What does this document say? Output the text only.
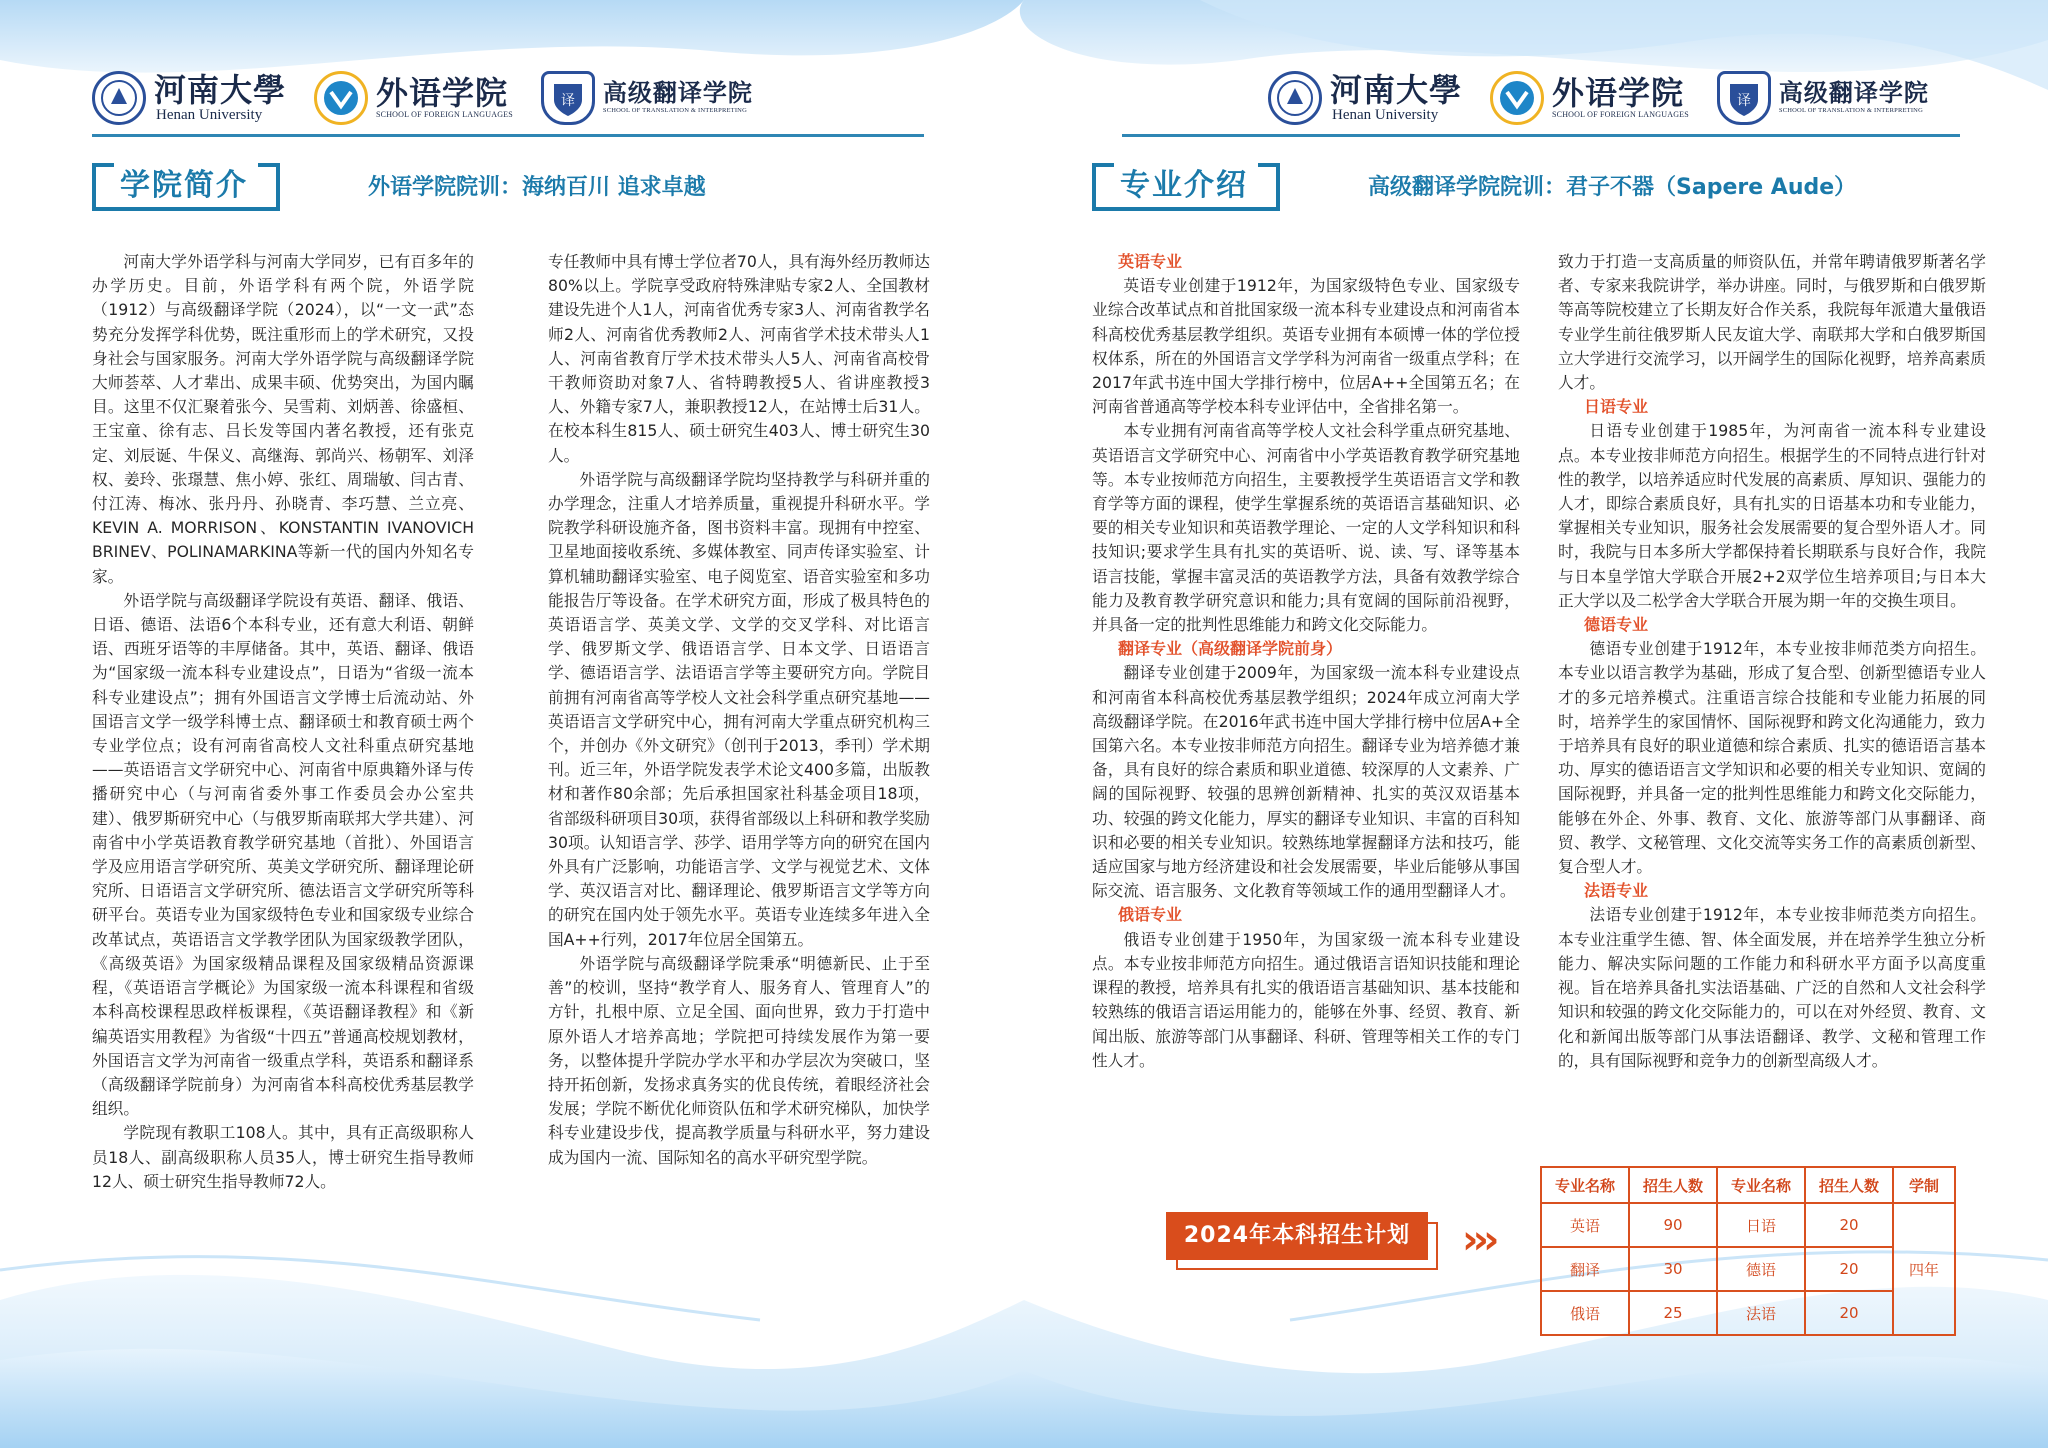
河南大學
Henan University
外语学院
SCHOOL OF FOREIGN LANGUAGES
译 高级翻译学院
SCHOOL OF TRANSLATION & INTERPRETING
河南大學
Henan University
外语学院
SCHOOL OF FOREIGN LANGUAGES
译 高级翻译学院
SCHOOL OF TRANSLATION & INTERPRETING
学院简介	外语学院院训：海纳百川 追求卓越	专业介绍	高级翻译学院院训：君子不器（Sapere Aude）

河南大学外语学科与河南大学同岁，已有百多年的办学历史。目前，外语学科有两个院，外语学院（1912）与高级翻译学院（2024），以“一文一武”态势充分发挥学科优势，既注重形而上的学术研究，又投身社会与国家服务。河南大学外语学院与高级翻译学院大师荟萃、人才辈出、成果丰硕、优势突出，为国内瞩目。这里不仅汇聚着张今、吴雪莉、刘炳善、徐盛桓、王宝童、徐有志、吕长发等国内著名教授，还有张克定、刘辰诞、牛保义、高继海、郭尚兴、杨朝军、刘泽权、姜玲、张璟慧、焦小婷、张红、周瑞敏、闫古青、付江涛、梅冰、张丹丹、孙晓青、李巧慧、兰立亮、KEVIN A. MORRISON、KONSTANTIN IVANOVICH BRINEV、POLINAMARKINA等新一代的国内外知名专家。

外语学院与高级翻译学院设有英语、翻译、俄语、日语、德语、法语6个本科专业，还有意大利语、朝鲜语、西班牙语等的丰厚储备。其中，英语、翻译、俄语为“国家级一流本科专业建设点”，日语为“省级一流本科专业建设点”；拥有外国语言文学博士后流动站、外国语言文学一级学科博士点、翻译硕士和教育硕士两个专业学位点；设有河南省高校人文社科重点研究基地——英语语言文学研究中心、河南省中原典籍外译与传播研究中心（与河南省委外事工作委员会办公室共建）、俄罗斯研究中心（与俄罗斯南联邦大学共建）、河南省中小学英语教育教学研究基地（首批）、外国语言学及应用语言学研究所、英美文学研究所、翻译理论研究所、日语语言文学研究所、德法语言文学研究所等科研平台。英语专业为国家级特色专业和国家级专业综合改革试点，英语语言文学教学团队为国家级教学团队，《高级英语》为国家级精品课程及国家级精品资源课程，《英语语言学概论》为国家级一流本科课程和省级本科高校课程思政样板课程，《英语翻译教程》和《新编英语实用教程》为省级“十四五”普通高校规划教材，外国语言文学为河南省一级重点学科，英语系和翻译系（高级翻译学院前身）为河南省本科高校优秀基层教学组织。

学院现有教职工108人。其中，具有正高级职称人员18人、副高级职称人员35人，博士研究生指导教师12人、硕士研究生指导教师72人。

专任教师中具有博士学位者70人，具有海外经历教师达80%以上。学院享受政府特殊津贴专家2人、全国教材建设先进个人1人，河南省优秀专家3人、河南省教学名师2人、河南省优秀教师2人、河南省学术技术带头人1人、河南省教育厅学术技术带头人5人、河南省高校骨干教师资助对象7人、省特聘教授5人、省讲座教授3人、外籍专家7人，兼职教授12人，在站博士后31人。在校本科生815人、硕士研究生403人、博士研究生30人。

外语学院与高级翻译学院均坚持教学与科研并重的办学理念，注重人才培养质量，重视提升科研水平。学院教学科研设施齐备，图书资料丰富。现拥有中控室、卫星地面接收系统、多媒体教室、同声传译实验室、计算机辅助翻译实验室、电子阅览室、语音实验室和多功能报告厅等设备。在学术研究方面，形成了极具特色的英语语言学、英美文学、文学的交叉学科、对比语言学、俄罗斯文学、俄语语言学、日本文学、日语语言学、德语语言学、法语语言学等主要研究方向。学院目前拥有河南省高等学校人文社会科学重点研究基地——英语语言文学研究中心，拥有河南大学重点研究机构三个，并创办《外文研究》（创刊于2013，季刊）学术期刊。近三年，外语学院发表学术论文400多篇，出版教材和著作80余部；先后承担国家社科基金项目18项，省部级科研项目30项，获得省部级以上科研和教学奖励30项。认知语言学、莎学、语用学等方向的研究在国内外具有广泛影响，功能语言学、文学与视觉艺术、文体学、英汉语言对比、翻译理论、俄罗斯语言文学等方向的研究在国内处于领先水平。英语专业连续多年进入全国A++行列，2017年位居全国第五。

外语学院与高级翻译学院秉承“明德新民、止于至善”的校训，坚持“教学育人、服务育人、管理育人”的方针，扎根中原、立足全国、面向世界，致力于打造中原外语人才培养高地；学院把可持续发展作为第一要务，以整体提升学院办学水平和办学层次为突破口，坚持开拓创新，发扬求真务实的优良传统，着眼经济社会发展；学院不断优化师资队伍和学术研究梯队，加快学科专业建设步伐，提高教学质量与科研水平，努力建设成为国内一流、国际知名的高水平研究型学院。

英语专业

英语专业创建于1912年，为国家级特色专业、国家级专业综合改革试点和首批国家级一流本科专业建设点和河南省本科高校优秀基层教学组织。英语专业拥有本硕博一体的学位授权体系，所在的外国语言文学学科为河南省一级重点学科；在2017年武书连中国大学排行榜中，位居A++全国第五名；在河南省普通高等学校本科专业评估中，全省排名第一。

本专业拥有河南省高等学校人文社会科学重点研究基地、英语语言文学研究中心、河南省中小学英语教育教学研究基地等。本专业按师范方向招生，主要教授学生英语语言文学和教育学等方面的课程，使学生掌握系统的英语语言基础知识、必要的相关专业知识和英语教学理论、一定的人文学科知识和科技知识;要求学生具有扎实的英语听、说、读、写、译等基本语言技能，掌握丰富灵活的英语教学方法，具备有效教学综合能力及教育教学研究意识和能力;具有宽阔的国际前沿视野，并具备一定的批判性思维能力和跨文化交际能力。

翻译专业（高级翻译学院前身）

翻译专业创建于2009年，为国家级一流本科专业建设点和河南省本科高校优秀基层教学组织；2024年成立河南大学高级翻译学院。在2016年武书连中国大学排行榜中位居A+全国第六名。本专业按非师范方向招生。翻译专业为培养德才兼备，具有良好的综合素质和职业道德、较深厚的人文素养、广阔的国际视野、较强的思辨创新精神、扎实的英汉双语基本功、较强的跨文化能力，厚实的翻译专业知识、丰富的百科知识和必要的相关专业知识。较熟练地掌握翻译方法和技巧，能适应国家与地方经济建设和社会发展需要，毕业后能够从事国际交流、语言服务、文化教育等领域工作的通用型翻译人才。

俄语专业

俄语专业创建于1950年，为国家级一流本科专业建设点。本专业按非师范方向招生。通过俄语言语知识技能和理论课程的教授，培养具有扎实的俄语语言基础知识、基本技能和较熟练的俄语言语运用能力的，能够在外事、经贸、教育、新闻出版、旅游等部门从事翻译、科研、管理等相关工作的专门性人才。

致力于打造一支高质量的师资队伍，并常年聘请俄罗斯著名学者、专家来我院讲学，举办讲座。同时，与俄罗斯和白俄罗斯等高等院校建立了长期友好合作关系，我院每年派遣大量俄语专业学生前往俄罗斯人民友谊大学、南联邦大学和白俄罗斯国立大学进行交流学习，以开阔学生的国际化视野，培养高素质人才。

日语专业

日语专业创建于1985年，为河南省一流本科专业建设点。本专业按非师范方向招生。根据学生的不同特点进行针对性的教学，以培养适应时代发展的高素质、厚知识、强能力的人才，即综合素质良好，具有扎实的日语基本功和专业能力，掌握相关专业知识，服务社会发展需要的复合型外语人才。同时，我院与日本多所大学都保持着长期联系与良好合作，我院与日本皇学馆大学联合开展2+2双学位生培养项目;与日本大正大学以及二松学舍大学联合开展为期一年的交换生项目。

德语专业

德语专业创建于1912年，本专业按非师范类方向招生。本专业以语言教学为基础，形成了复合型、创新型德语专业人才的多元培养模式。注重语言综合技能和专业能力拓展的同时，培养学生的家国情怀、国际视野和跨文化沟通能力，致力于培养具有良好的职业道德和综合素质、扎实的德语语言基本功、厚实的德语语言文学知识和必要的相关专业知识、宽阔的国际视野，并具备一定的批判性思维能力和跨文化交际能力，能够在外企、外事、教育、文化、旅游等部门从事翻译、商贸、教学、文秘管理、文化交流等实务工作的高素质创新型、复合型人才。

法语专业

法语专业创建于1912年，本专业按非师范类方向招生。本专业注重学生德、智、体全面发展，并在培养学生独立分析能力、解决实际问题的工作能力和科研水平方面予以高度重视。旨在培养具备扎实法语基础、广泛的自然和人文社会科学知识和较强的跨文化交际能力的，可以在对外经贸、教育、文化和新闻出版等部门从事法语翻译、教学、文秘和管理工作的，具有国际视野和竞争力的创新型高级人才。

2024年本科招生计划	›››
专业名称	招生人数	专业名称	招生人数	学制
英语	90	日语	20	四年
翻译	30	德语	20	
俄语	25	法语	20	
